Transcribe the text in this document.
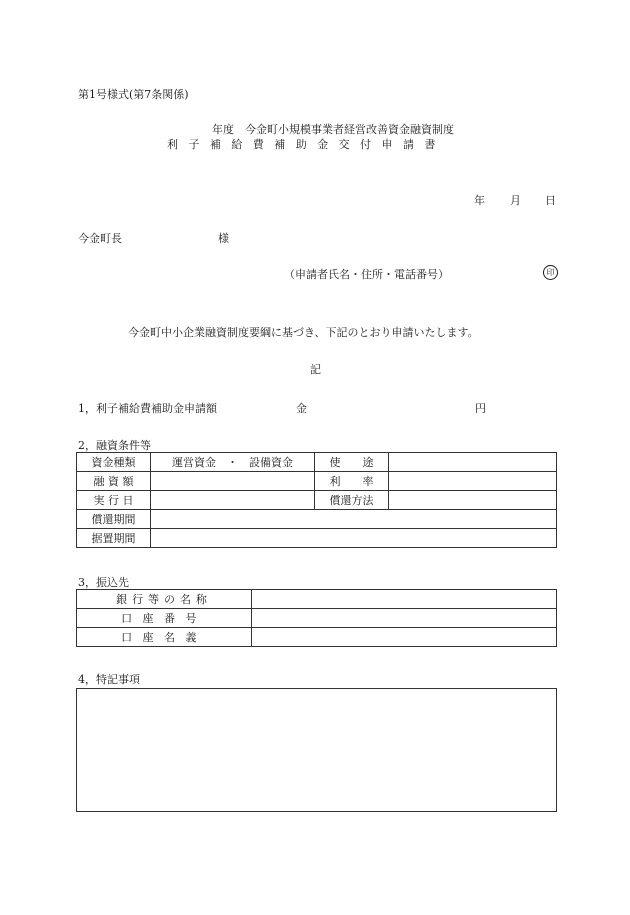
第1号様式(第7条関係)
年度　今金町小規模事業者経営改善資金融資制度
利子補給費補助金交付申請書
年 月 日
今金町長	様
（申請者氏名・住所・電話番号）	印
今金町中小企業融資制度要綱に基づき、下記のとおり申請いたします。
記
1，利子補給費補助金申請額	金	円
2，融資条件等
資金種類	運営資金　・　設備資金	使　　途	
融 資 額		利　　率	
実 行 日		償還方法	
償還期間			
据置期間			
3，振込先
銀行等の名称	
口座番号	
口座名義	
4，特記事項
